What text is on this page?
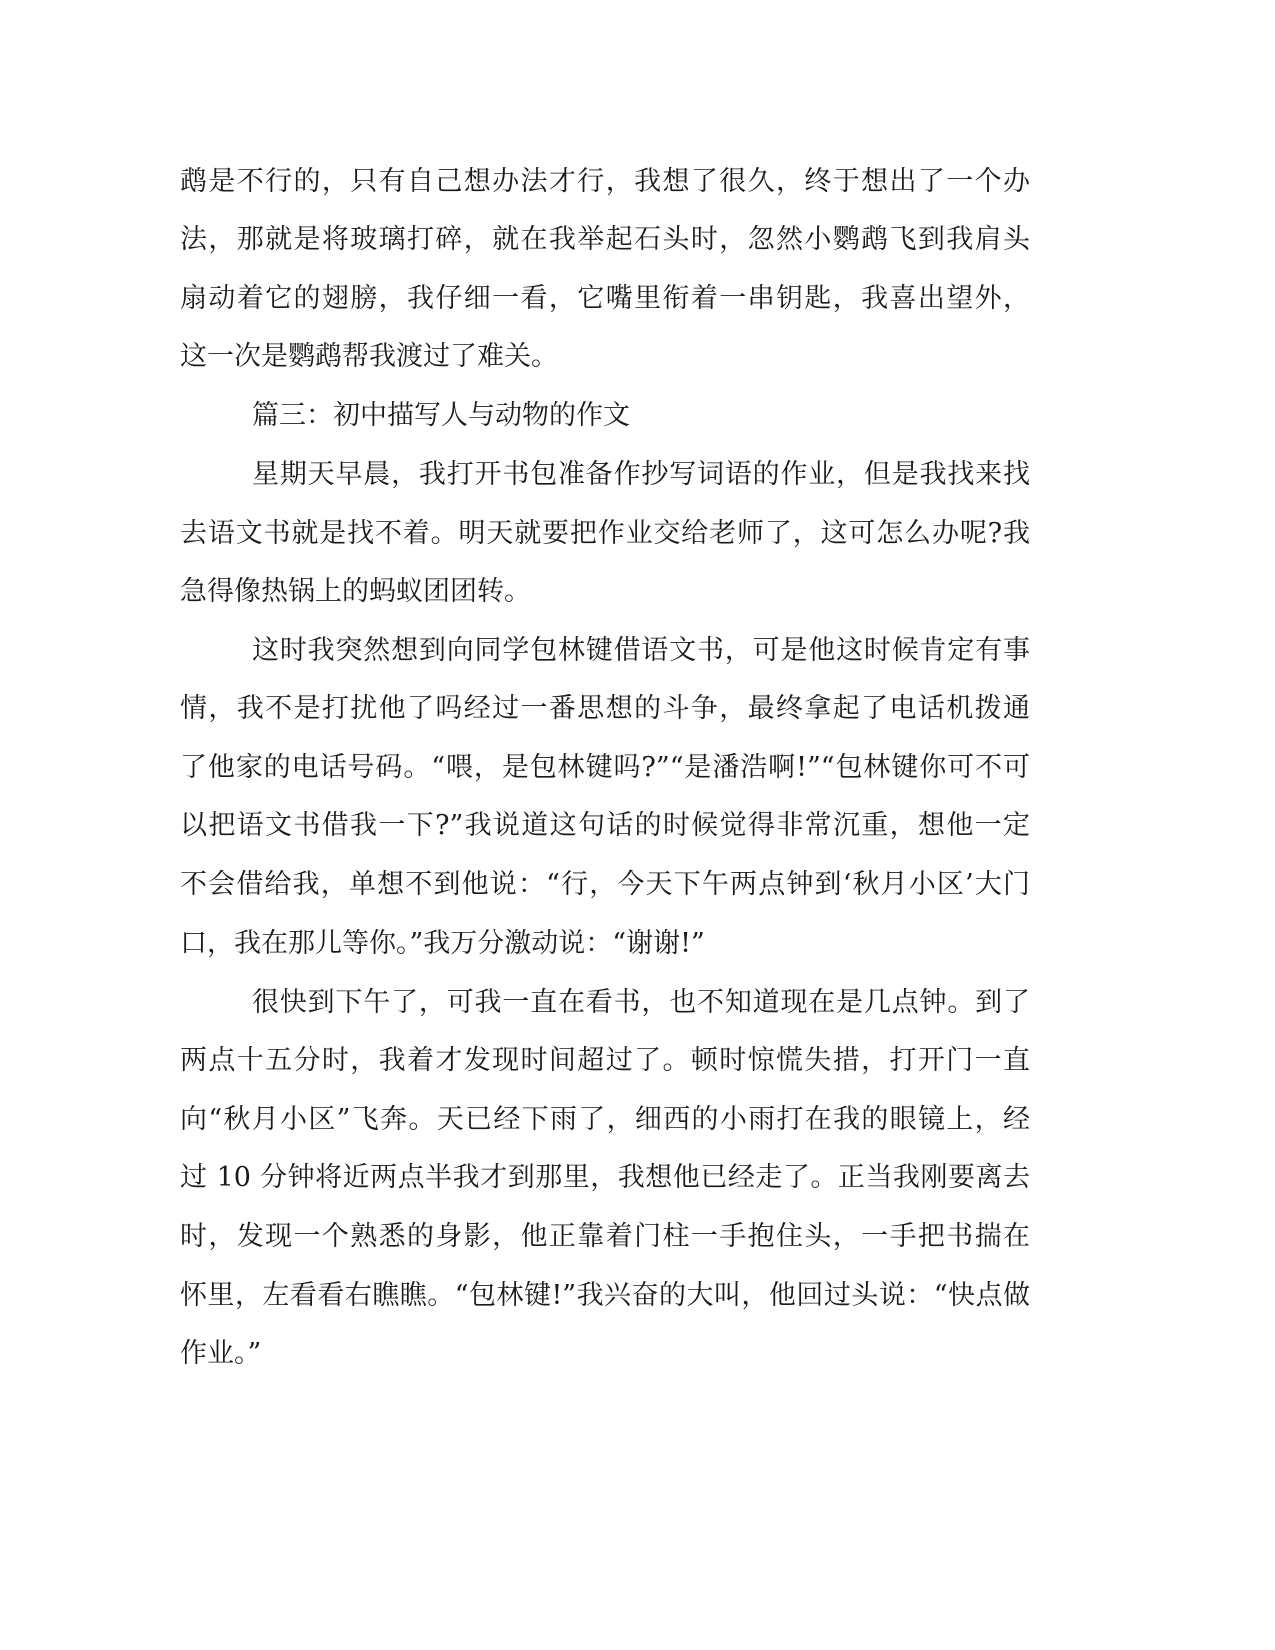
鹉是不行的，只有自己想办法才行，我想了很久，终于想出了一个办
法，那就是将玻璃打碎，就在我举起石头时，忽然小鹦鹉飞到我肩头
扇动着它的翅膀，我仔细一看，它嘴里衔着一串钥匙，我喜出望外，
这一次是鹦鹉帮我渡过了难关。
篇三：初中描写人与动物的作文
星期天早晨，我打开书包准备作抄写词语的作业，但是我找来找
去语文书就是找不着。明天就要把作业交给老师了，这可怎么办呢?我
急得像热锅上的蚂蚁团团转。
这时我突然想到向同学包林键借语文书，可是他这时候肯定有事
情，我不是打扰他了吗经过一番思想的斗争，最终拿起了电话机拨通
了他家的电话号码。“喂，是包林键吗?”“是潘浩啊!”“包林键你可不可
以把语文书借我一下?”我说道这句话的时候觉得非常沉重，想他一定
不会借给我，单想不到他说：“行，今天下午两点钟到‘秋月小区’大门
口，我在那儿等你。”我万分激动说：“谢谢!”
很快到下午了，可我一直在看书，也不知道现在是几点钟。到了
两点十五分时，我着才发现时间超过了。顿时惊慌失措，打开门一直
向“秋月小区”飞奔。天已经下雨了，细西的小雨打在我的眼镜上，经
过 10 分钟将近两点半我才到那里，我想他已经走了。正当我刚要离去
时，发现一个熟悉的身影，他正靠着门柱一手抱住头，一手把书揣在
怀里，左看看右瞧瞧。“包林键!”我兴奋的大叫，他回过头说：“快点做
作业。”
